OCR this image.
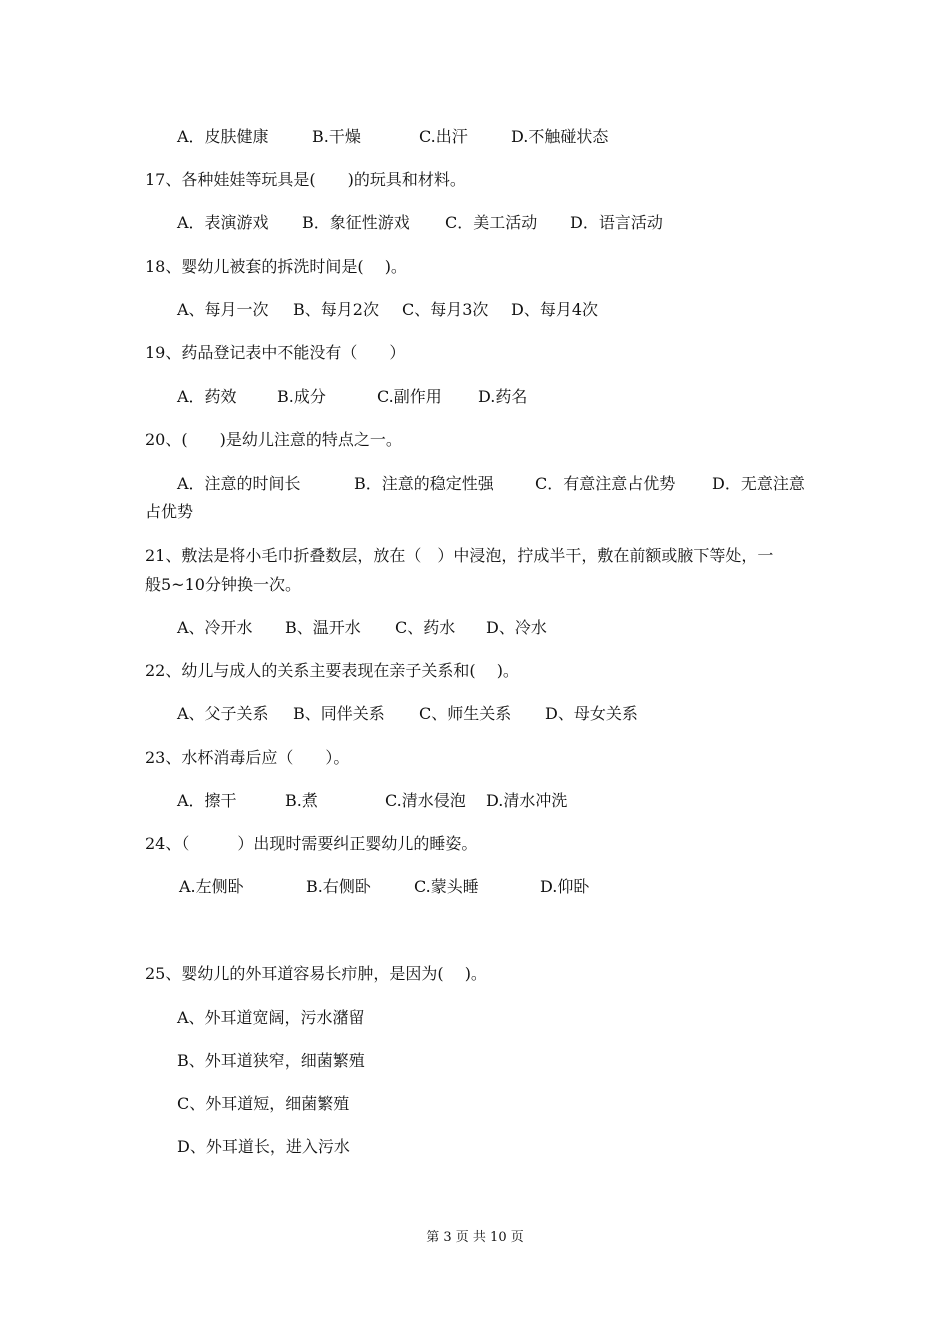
A．皮肤健康	B.干燥	C.出汗	D.不触碰状态
17、各种娃娃等玩具是(　　)的玩具和材料。
A．表演游戏 B．象征性游戏 C．美工活动 D．语言活动
18、婴幼儿被套的拆洗时间是(　 )。
A、每月一次 B、每月2次 C、每月3次 D、每月4次
19、药品登记表中不能没有（　　）
A．药效	B.成分	C.副作用 D.药名
20、(　　)是幼儿注意的特点之一。
A．注意的时间长	B．注意的稳定性强	C．有意注意占优势 D．无意注意
占优势
21、敷法是将小毛巾折叠数层，放在（　）中浸泡，拧成半干，敷在前额或腋下等处，一
般5~10分钟换一次。
A、冷开水 B、温开水 C、药水 D、冷水
22、幼儿与成人的关系主要表现在亲子关系和(　 )。
A、父子关系 B、同伴关系 C、师生关系 D、母女关系
23、水杯消毒后应（　　）。
A．擦干	B.煮	C.清水侵泡 D.清水冲洗
24、（　　　）出现时需要纠正婴幼儿的睡姿。
A.左侧卧	B.右侧卧	C.蒙头睡	D.仰卧
25、婴幼儿的外耳道容易长疖肿，是因为(　 )。
A、外耳道宽阔，污水潴留
B、外耳道狭窄，细菌繁殖
C、外耳道短，细菌繁殖
D、外耳道长，进入污水
第 3 页 共 10 页
